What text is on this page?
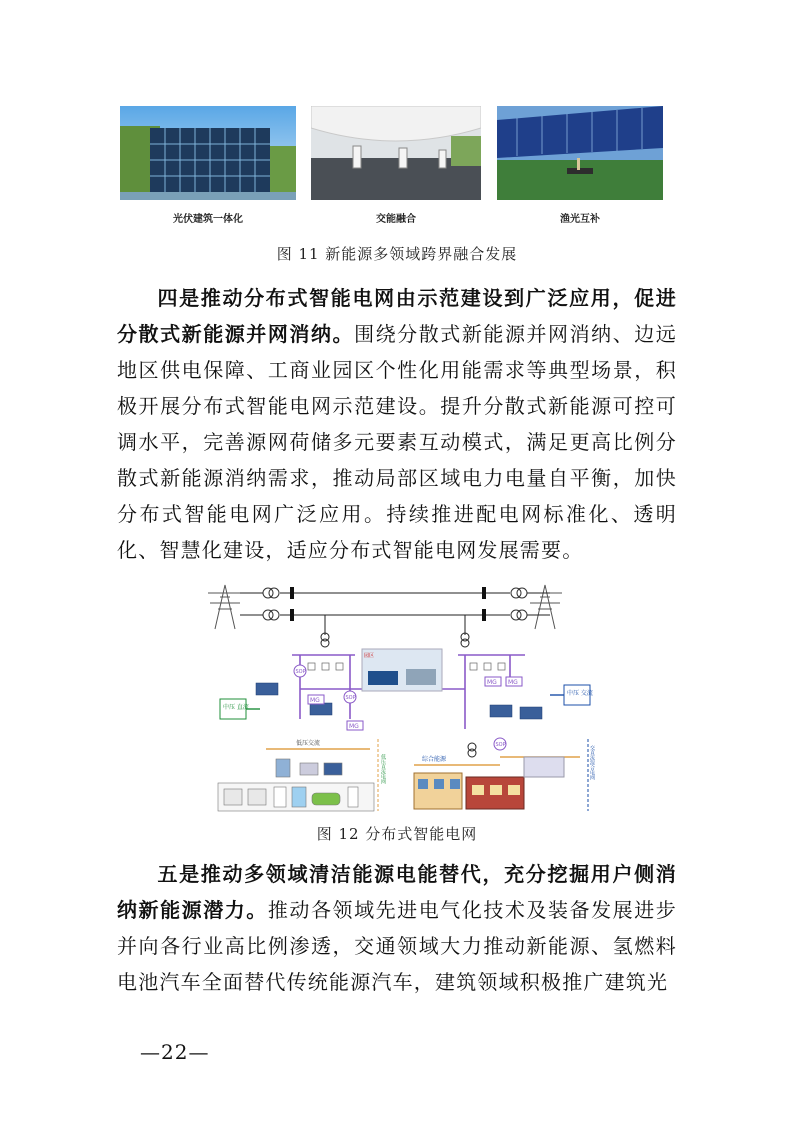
光伏建筑一体化	交能融合	渔光互补
图 11 新能源多领域跨界融合发展

四是推动分布式智能电网由示范建设到广泛应用，促进分散式新能源并网消纳。围绕分散式新能源并网消纳、边远地区供电保障、工商业园区个性化用能需求等典型场景，积极开展分布式智能电网示范建设。提升分散式新能源可控可调水平，完善源网荷储多元要素互动模式，满足更高比例分散式新能源消纳需求，推动局部区域电力电量自平衡，加快分布式智能电网广泛应用。持续推进配电网标准化、透明化、智慧化建设，适应分布式智能电网发展需要。

园区
SOP
SOP
SOP
MG
MG
MG MG
中压 直流
中压 交流
低压交流
综合能源
低压直流电网	交直流混合电网
图 12 分布式智能电网

五是推动多领域清洁能源电能替代，充分挖掘用户侧消纳新能源潜力。推动各领域先进电气化技术及装备发展进步并向各行业高比例渗透，交通领域大力推动新能源、氢燃料电池汽车全面替代传统能源汽车，建筑领域积极推广建筑光

—22—
